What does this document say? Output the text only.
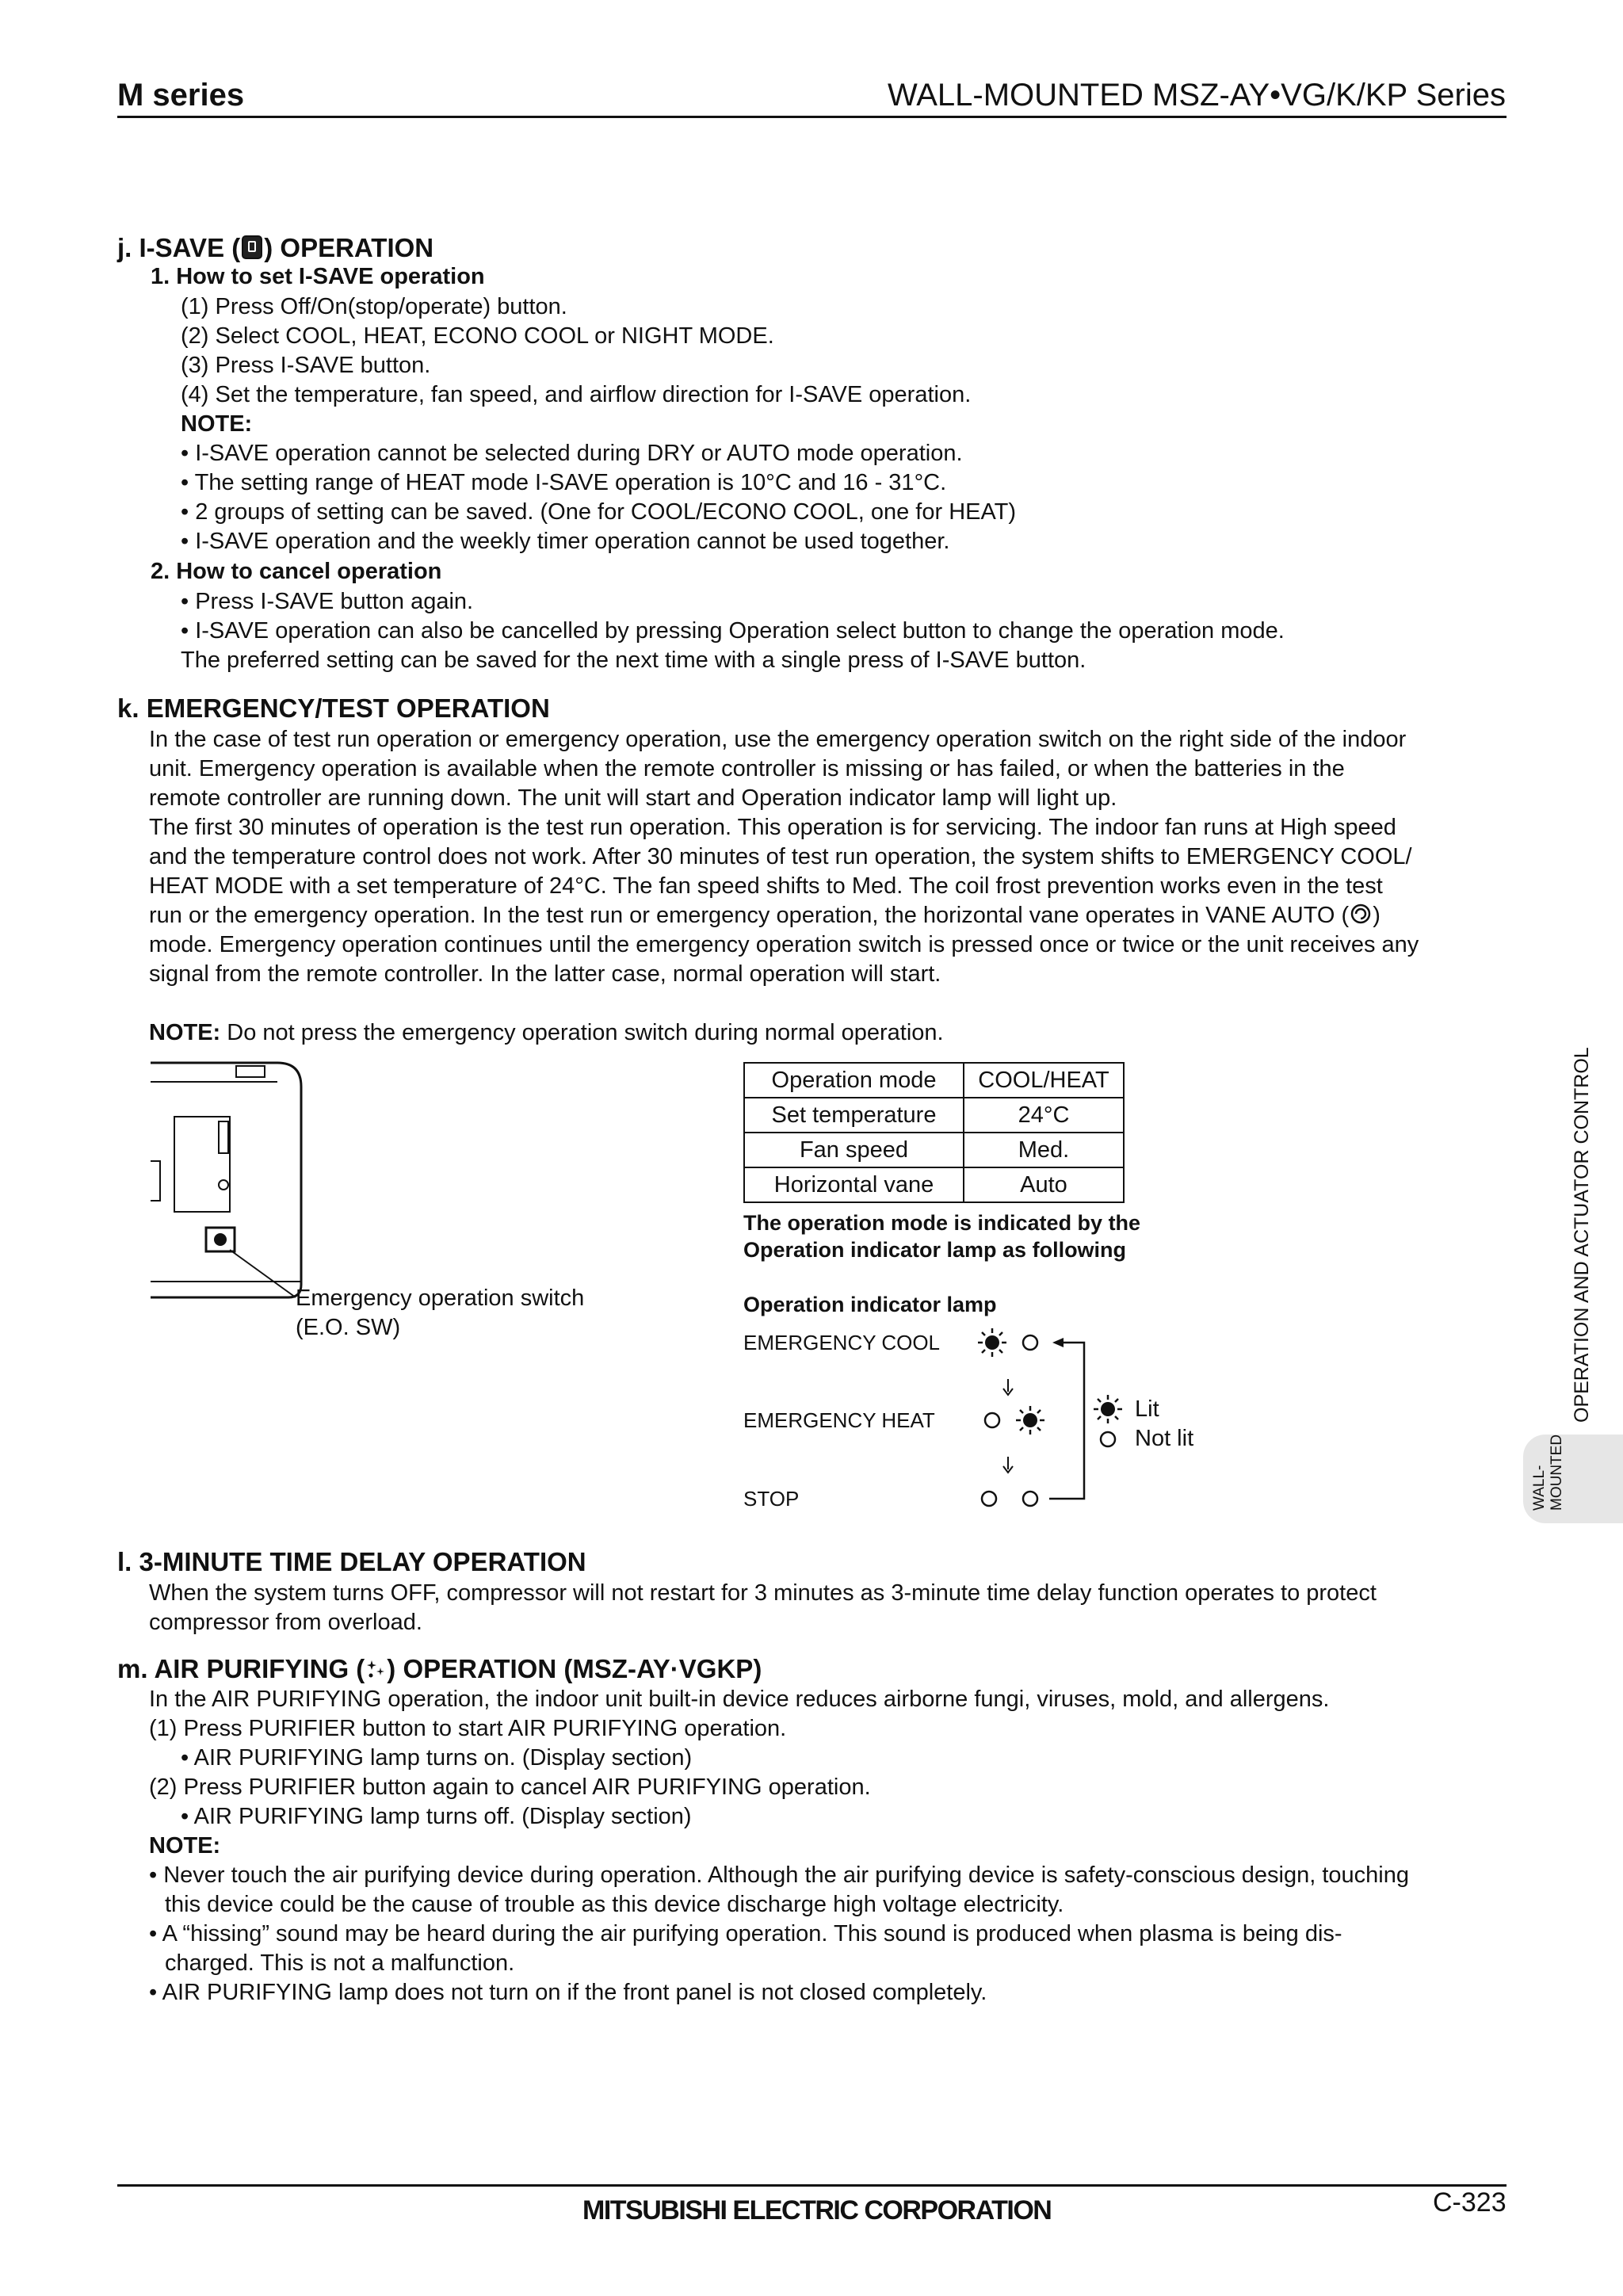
M series	WALL-MOUNTED MSZ-AY•VG/K/KP Series
j. I-SAVE ( ) OPERATION
1. How to set I-SAVE operation
(1) Press Off/On(stop/operate) button.
(2) Select COOL, HEAT, ECONO COOL or NIGHT MODE.
(3) Press I-SAVE button.
(4) Set the temperature, fan speed, and airflow direction for I-SAVE operation.
NOTE:
• I-SAVE operation cannot be selected during DRY or AUTO mode operation.
• The setting range of HEAT mode I-SAVE operation is 10°C and 16 - 31°C.
• 2 groups of setting can be saved. (One for COOL/ECONO COOL, one for HEAT)
• I-SAVE operation and the weekly timer operation cannot be used together.
2. How to cancel operation
• Press I-SAVE button again.
• I-SAVE operation can also be cancelled by pressing Operation select button to change the operation mode.
The preferred setting can be saved for the next time with a single press of I-SAVE button.
k. EMERGENCY/TEST OPERATION
In the case of test run operation or emergency operation, use the emergency operation switch on the right side of the indoor
unit. Emergency operation is available when the remote controller is missing or has failed, or when the batteries in the
remote controller are running down. The unit will start and Operation indicator lamp will light up.
The first 30 minutes of operation is the test run operation. This operation is for servicing. The indoor fan runs at High speed
and the temperature control does not work. After 30 minutes of test run operation, the system shifts to EMERGENCY COOL/
HEAT MODE with a set temperature of 24°C. The fan speed shifts to Med. The coil frost prevention works even in the test
run or the emergency operation. In the test run or emergency operation, the horizontal vane operates in VANE AUTO ( )
mode. Emergency operation continues until the emergency operation switch is pressed once or twice or the unit receives any
signal from the remote controller. In the latter case, normal operation will start.
NOTE: Do not press the emergency operation switch during normal operation.
Emergency operation switch
(E.O. SW)
Operation mode	COOL/HEAT
Set temperature	24°C
Fan speed	Med.
Horizontal vane	Auto
The operation mode is indicated by the
Operation indicator lamp as following
Operation indicator lamp
EMERGENCY COOL
EMERGENCY HEAT
STOP
Lit
Not lit
l. 3-MINUTE TIME DELAY OPERATION
When the system turns OFF, compressor will not restart for 3 minutes as 3-minute time delay function operates to protect
compressor from overload.
m. AIR PURIFYING ( ) OPERATION (MSZ-AY·VGKP)
In the AIR PURIFYING operation, the indoor unit built-in device reduces airborne fungi, viruses, mold, and allergens.
(1) Press PURIFIER button to start AIR PURIFYING operation.
• AIR PURIFYING lamp turns on. (Display section)
(2) Press PURIFIER button again to cancel AIR PURIFYING operation.
• AIR PURIFYING lamp turns off. (Display section)
NOTE:
• Never touch the air purifying device during operation. Although the air purifying device is safety-conscious design, touching
this device could be the cause of trouble as this device discharge high voltage electricity.
• A “hissing” sound may be heard during the air purifying operation. This sound is produced when plasma is being dis-
charged. This is not a malfunction.
• AIR PURIFYING lamp does not turn on if the front panel is not closed completely.
OPERATION AND ACTUATOR CONTROL
WALL- MOUNTED
MITSUBISHI ELECTRIC CORPORATION	C-323
